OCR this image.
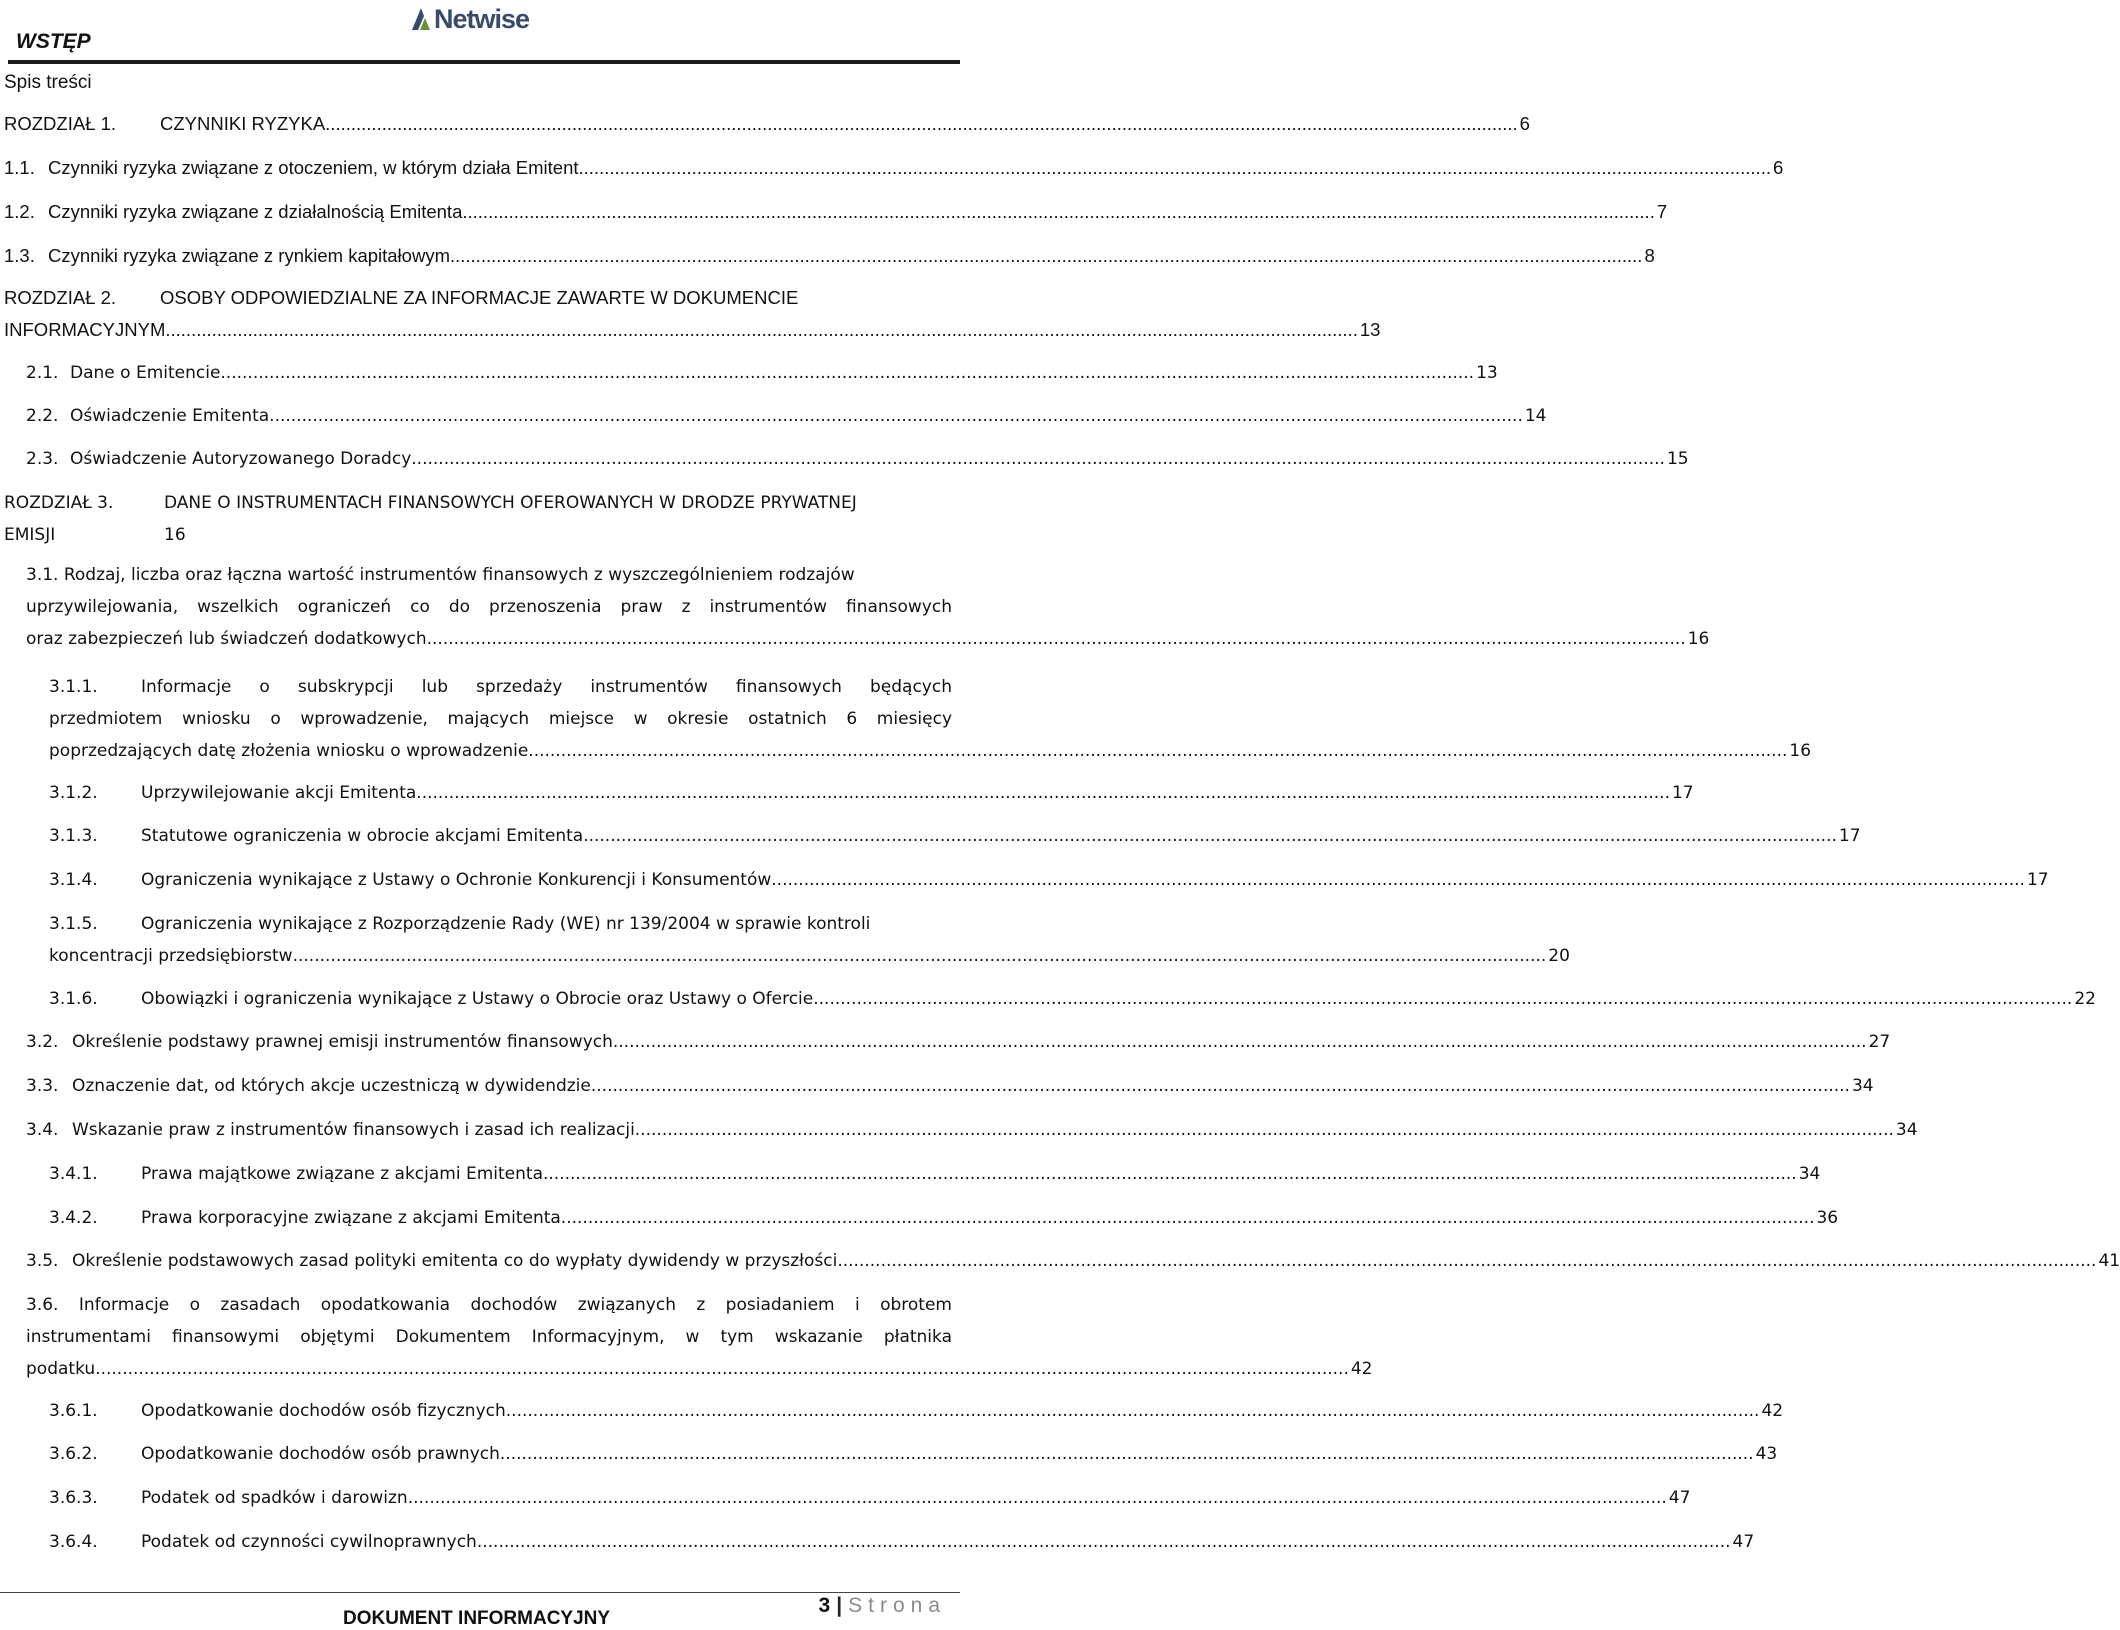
WSTĘP
Netwise
Spis treści
ROZDZIAŁ 1.	CZYNNIKI RYZYKA .....	6
1.1. Czynniki ryzyka związane z otoczeniem, w którym działa Emitent .....	6
1.2. Czynniki ryzyka związane z działalnością Emitenta .....	7
1.3. Czynniki ryzyka związane z rynkiem kapitałowym .....	8
ROZDZIAŁ 2.	OSOBY ODPOWIEDZIALNE ZA INFORMACJE ZAWARTE W DOKUMENCIE
INFORMACYJNYM .....	13
2.1. Dane o Emitencie .....	13
2.2. Oświadczenie Emitenta .....	14
2.3. Oświadczenie Autoryzowanego Doradcy .....	15
ROZDZIAŁ 3.	DANE O INSTRUMENTACH FINANSOWYCH OFEROWANYCH W DRODZE PRYWATNEJ
EMISJI	16
3.1. Rodzaj, liczba oraz łączna wartość instrumentów finansowych z wyszczególnieniem rodzajów
uprzywilejowania, wszelkich ograniczeń co do przenoszenia praw z instrumentów finansowych
oraz zabezpieczeń lub świadczeń dodatkowych. .....	16
3.1.1.	Informacje o subskrypcji lub sprzedaży instrumentów finansowych będących
przedmiotem wniosku o wprowadzenie, mających miejsce w okresie ostatnich 6 miesięcy
poprzedzających datę złożenia wniosku o wprowadzenie. .....	16
3.1.2.	Uprzywilejowanie akcji Emitenta .....	17
3.1.3.	Statutowe ograniczenia w obrocie akcjami Emitenta .....	17
3.1.4.	Ograniczenia wynikające z Ustawy o Ochronie Konkurencji i Konsumentów .....	17
3.1.5.	Ograniczenia wynikające z Rozporządzenie Rady (WE) nr 139/2004 w sprawie kontroli
koncentracji przedsiębiorstw .....	20
3.1.6.	Obowiązki i ograniczenia wynikające z Ustawy o Obrocie oraz Ustawy o Ofercie. .....	22
3.2. Określenie podstawy prawnej emisji instrumentów finansowych .....	27
3.3. Oznaczenie dat, od których akcje uczestniczą w dywidendzie. .....	34
3.4. Wskazanie praw z instrumentów finansowych i zasad ich realizacji. .....	34
3.4.1.	Prawa majątkowe związane z akcjami Emitenta .....	34
3.4.2.	Prawa korporacyjne związane z akcjami Emitenta .....	36
3.5. Określenie podstawowych zasad polityki emitenta co do wypłaty dywidendy w przyszłości. .....	41
3.6. Informacje o zasadach opodatkowania dochodów związanych z posiadaniem i obrotem
instrumentami finansowymi objętymi Dokumentem Informacyjnym, w tym wskazanie płatnika
podatku .....	42
3.6.1.	Opodatkowanie dochodów osób fizycznych .....	42
3.6.2.	Opodatkowanie dochodów osób prawnych .....	43
3.6.3.	Podatek od spadków i darowizn. .....	47
3.6.4.	Podatek od czynności cywilnoprawnych .....	47
3 | Strona
DOKUMENT INFORMACYJNY
